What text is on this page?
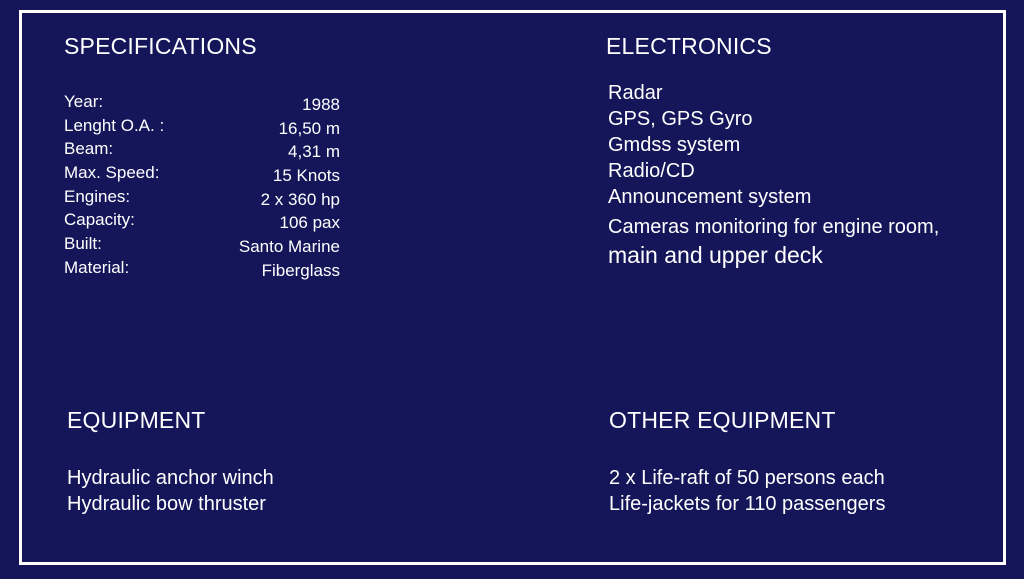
SPECIFICATIONS
Year:	1988
Lenght O.A. :	16,50 m
Beam:	4,31 m
Max. Speed:	15 Knots
Engines:	2 x 360 hp
Capacity:	106 pax
Built:	Santo Marine
Material:	Fiberglass
ELECTRONICS
Radar
GPS, GPS Gyro
Gmdss system
Radio/CD
Announcement system
Cameras monitoring for engine room,
main and upper deck
EQUIPMENT
Hydraulic anchor winch
Hydraulic bow thruster
OTHER EQUIPMENT
2 x Life-raft of 50 persons each
Life-jackets for 110 passengers
